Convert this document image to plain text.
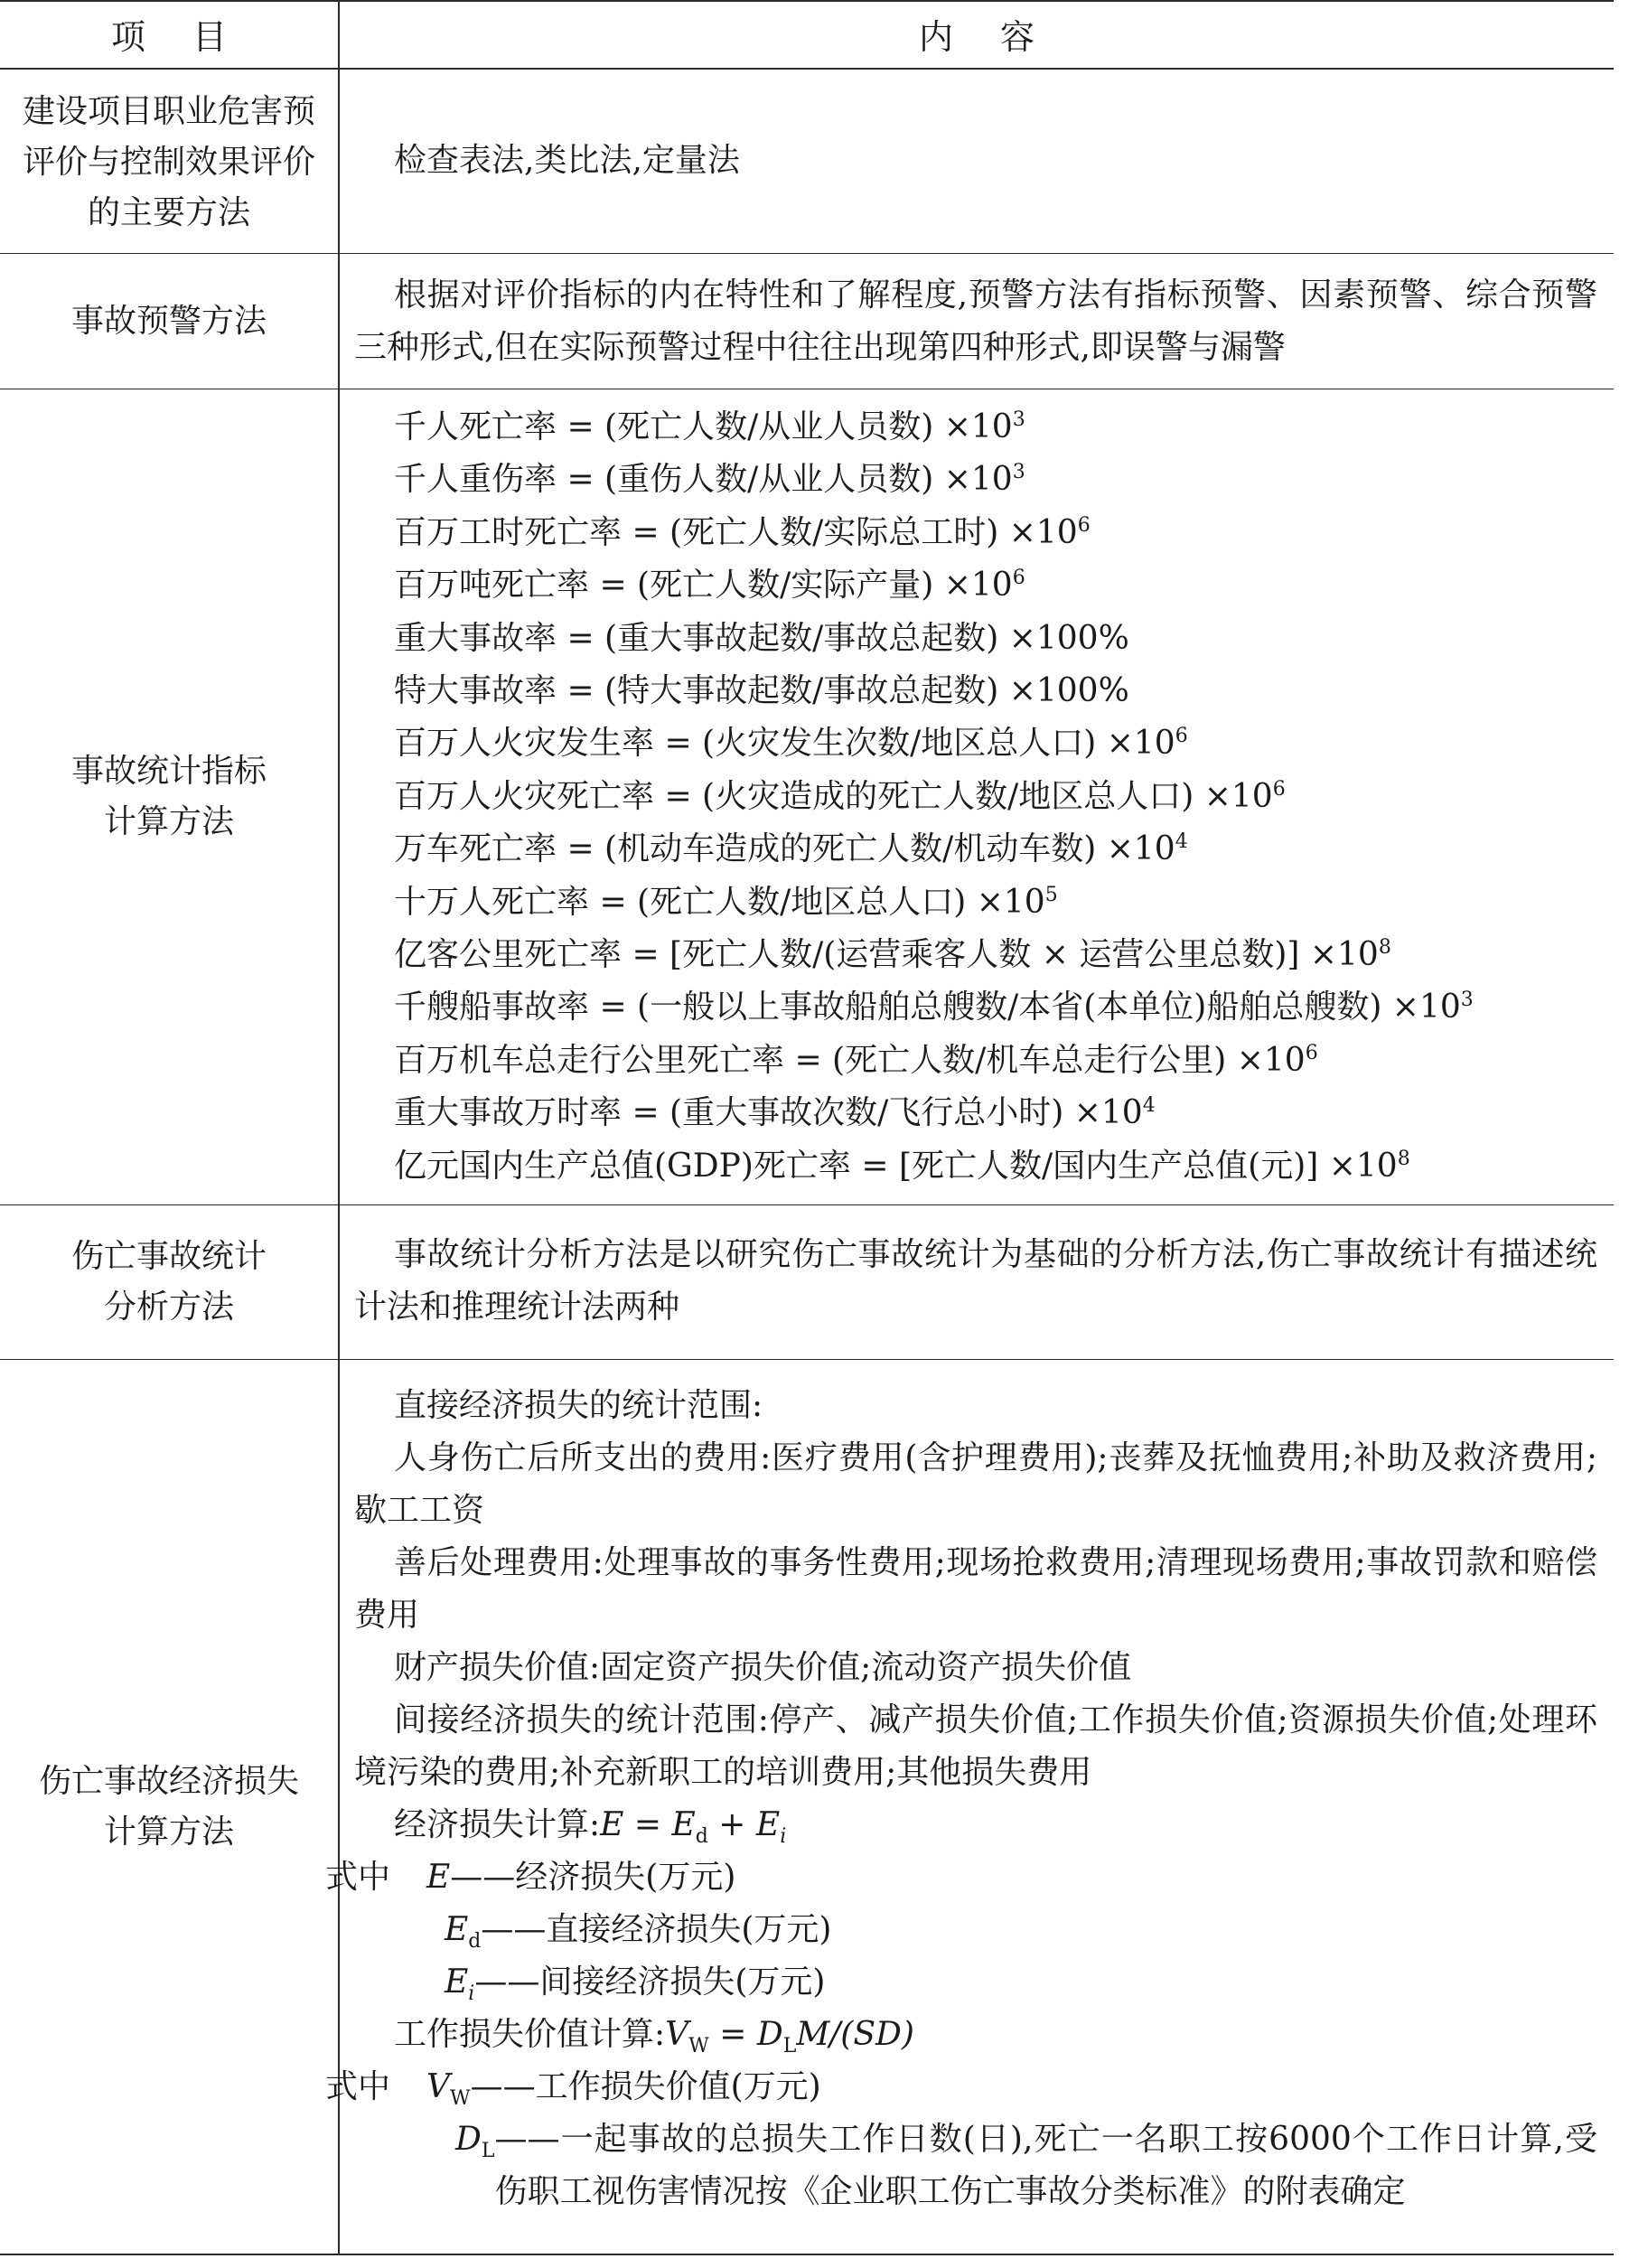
项目	内容
建设项目职业危害预
评价与控制效果评价
的主要方法

检查表法,类比法,定量法

事故预警方法

根据对评价指标的内在特性和了解程度,预警方法有指标预警、因素预警、综合预警三种形式,但在实际预警过程中往往出现第四种形式,即误警与漏警

事故统计指标
计算方法

千人死亡率 = (死亡人数/从业人员数) $\times 10^3$

千人重伤率 = (重伤人数/从业人员数) $\times 10^3$

百万工时死亡率 = (死亡人数/实际总工时) $\times 10^6$

百万吨死亡率 = (死亡人数/实际产量) $\times 10^6$

重大事故率 = (重大事故起数/事故总起数) ×100%

特大事故率 = (特大事故起数/事故总起数) ×100%

百万人火灾发生率 = (火灾发生次数/地区总人口) $\times 10^6$

百万人火灾死亡率 = (火灾造成的死亡人数/地区总人口) $\times 10^6$

万车死亡率 = (机动车造成的死亡人数/机动车数) $\times 10^4$

十万人死亡率 = (死亡人数/地区总人口) $\times 10^5$

亿客公里死亡率 = [死亡人数/(运营乘客人数 × 运营公里总数)] $\times 10^8$

千艘船事故率 = (一般以上事故船舶总艘数/本省(本单位)船舶总艘数) $\times 10^3$

百万机车总走行公里死亡率 = (死亡人数/机车总走行公里) $\times 10^6$

重大事故万时率 = (重大事故次数/飞行总小时) $\times 10^4$

亿元国内生产总值(GDP)死亡率 = [死亡人数/国内生产总值(元)] $\times 10^8$

伤亡事故统计
分析方法

事故统计分析方法是以研究伤亡事故统计为基础的分析方法,伤亡事故统计有描述统计法和推理统计法两种

伤亡事故经济损失
计算方法

直接经济损失的统计范围:

人身伤亡后所支出的费用:医疗费用(含护理费用);丧葬及抚恤费用;补助及救济费用;歇工工资

善后处理费用:处理事故的事务性费用;现场抢救费用;清理现场费用;事故罚款和赔偿费用

财产损失价值:固定资产损失价值;流动资产损失价值

间接经济损失的统计范围:停产、减产损失价值;工作损失价值;资源损失价值;处理环境污染的费用;补充新职工的培训费用;其他损失费用

经济损失计算:E = $E_d + E_i$

式中 E——经济损失(万元)

$E_d——$直接经济损失(万元)

$E_i——$间接经济损失(万元)

工作损失价值计算$:V_W = D_LM/(SD)$

式中 $V_W——$工作损失价值(万元)

$D_L$ ——一起事故的总损失工作日数(日),死亡一名职工按6000个工作日计算,受伤职工视伤害情况按《企业职工伤亡事故分类标准》的附表确定
